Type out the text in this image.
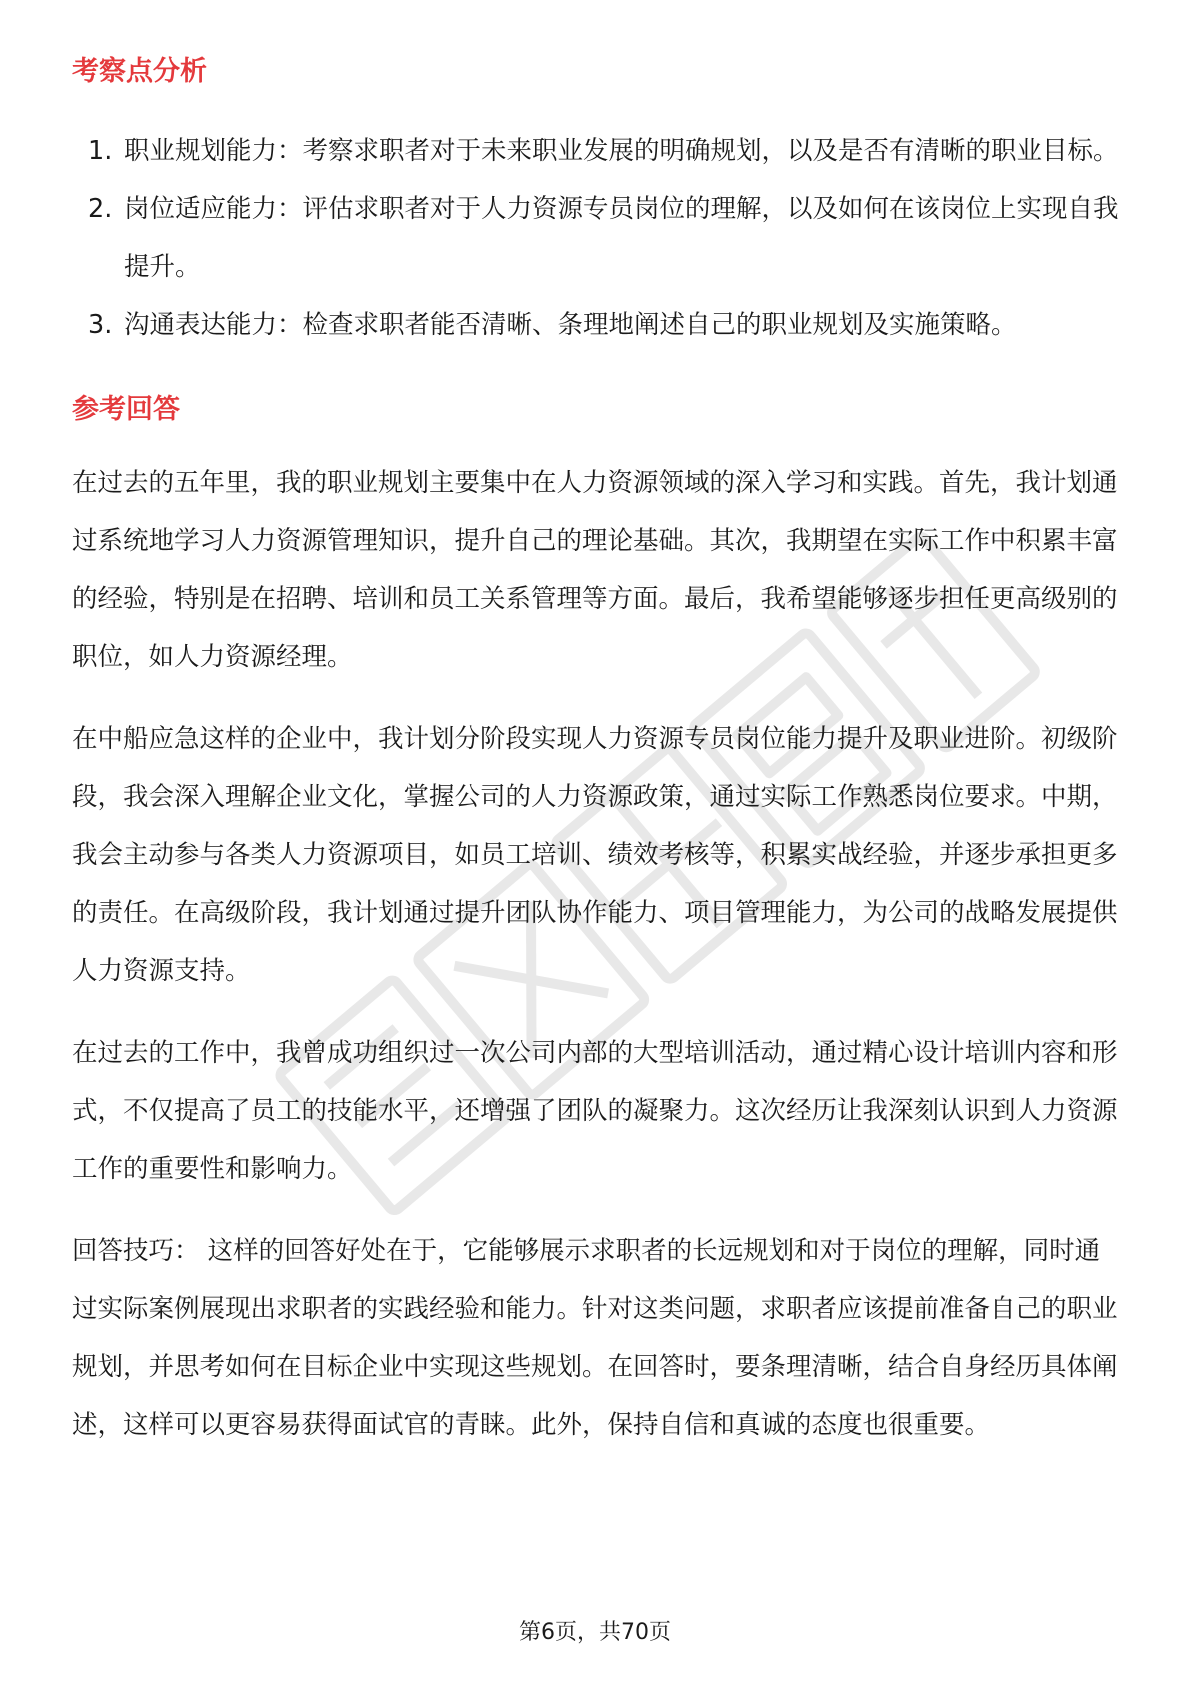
考察点分析
1. 职业规划能力：考察求职者对于未来职业发展的明确规划，以及是否有清晰的职业目标。
2. 岗位适应能力：评估求职者对于人力资源专员岗位的理解，以及如何在该岗位上实现自我提升。
3. 沟通表达能力：检查求职者能否清晰、条理地阐述自己的职业规划及实施策略。
参考回答

在过去的五年里，我的职业规划主要集中在人力资源领域的深入学习和实践。首先，我计划通过系统地学习人力资源管理知识，提升自己的理论基础。其次，我期望在实际工作中积累丰富的经验，特别是在招聘、培训和员工关系管理等方面。最后，我希望能够逐步担任更高级别的职位，如人力资源经理。

在中船应急这样的企业中，我计划分阶段实现人力资源专员岗位能力提升及职业进阶。初级阶段，我会深入理解企业文化，掌握公司的人力资源政策，通过实际工作熟悉岗位要求。中期，我会主动参与各类人力资源项目，如员工培训、绩效考核等，积累实战经验，并逐步承担更多的责任。在高级阶段，我计划通过提升团队协作能力、项目管理能力，为公司的战略发展提供人力资源支持。

在过去的工作中，我曾成功组织过一次公司内部的大型培训活动，通过精心设计培训内容和形式，不仅提高了员工的技能水平，还增强了团队的凝聚力。这次经历让我深刻认识到人力资源工作的重要性和影响力。

回答技巧： 这样的回答好处在于，它能够展示求职者的长远规划和对于岗位的理解，同时通过实际案例展现出求职者的实践经验和能力。针对这类问题，求职者应该提前准备自己的职业规划，并思考如何在目标企业中实现这些规划。在回答时，要条理清晰，结合自身经历具体阐述，这样可以更容易获得面试官的青睐。此外，保持自信和真诚的态度也很重要。

第6页，共70页
